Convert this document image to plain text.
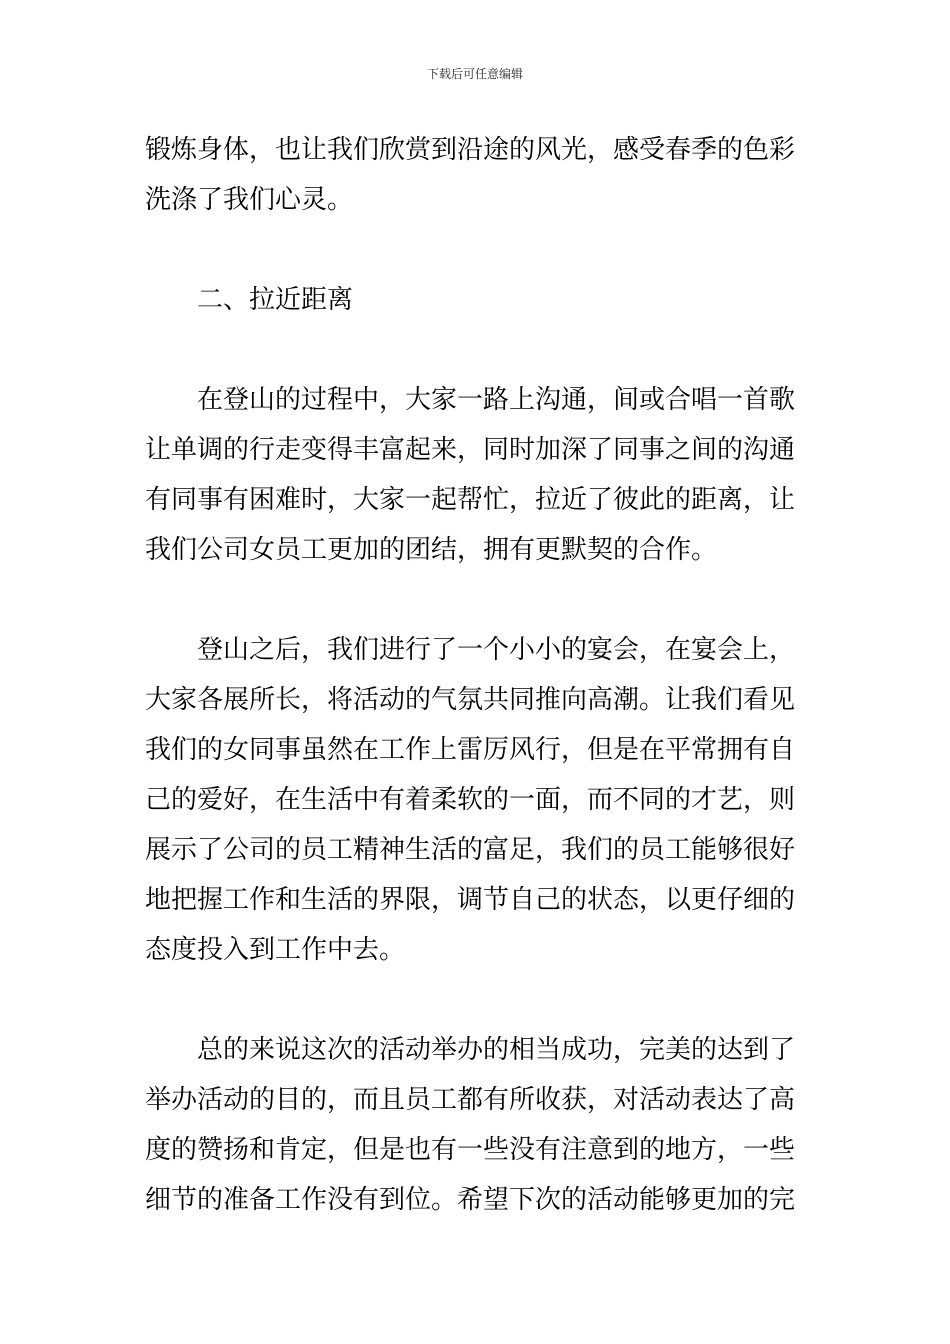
下载后可任意编辑

锻炼身体，也让我们欣赏到沿途的风光，感受春季的色彩洗涤了我们心灵。

二、拉近距离

在登山的过程中，大家一路上沟通，间或合唱一首歌让单调的行走变得丰富起来，同时加深了同事之间的沟通有同事有困难时，大家一起帮忙，拉近了彼此的距离，让我们公司女员工更加的团结，拥有更默契的合作。

登山之后，我们进行了一个小小的宴会，在宴会上，大家各展所长，将活动的气氛共同推向高潮。让我们看见我们的女同事虽然在工作上雷厉风行，但是在平常拥有自己的爱好，在生活中有着柔软的一面，而不同的才艺，则展示了公司的员工精神生活的富足，我们的员工能够很好地把握工作和生活的界限，调节自己的状态，以更仔细的态度投入到工作中去。

总的来说这次的活动举办的相当成功，完美的达到了举办活动的目的，而且员工都有所收获，对活动表达了高度的赞扬和肯定，但是也有一些没有注意到的地方，一些细节的准备工作没有到位。希望下次的活动能够更加的完
